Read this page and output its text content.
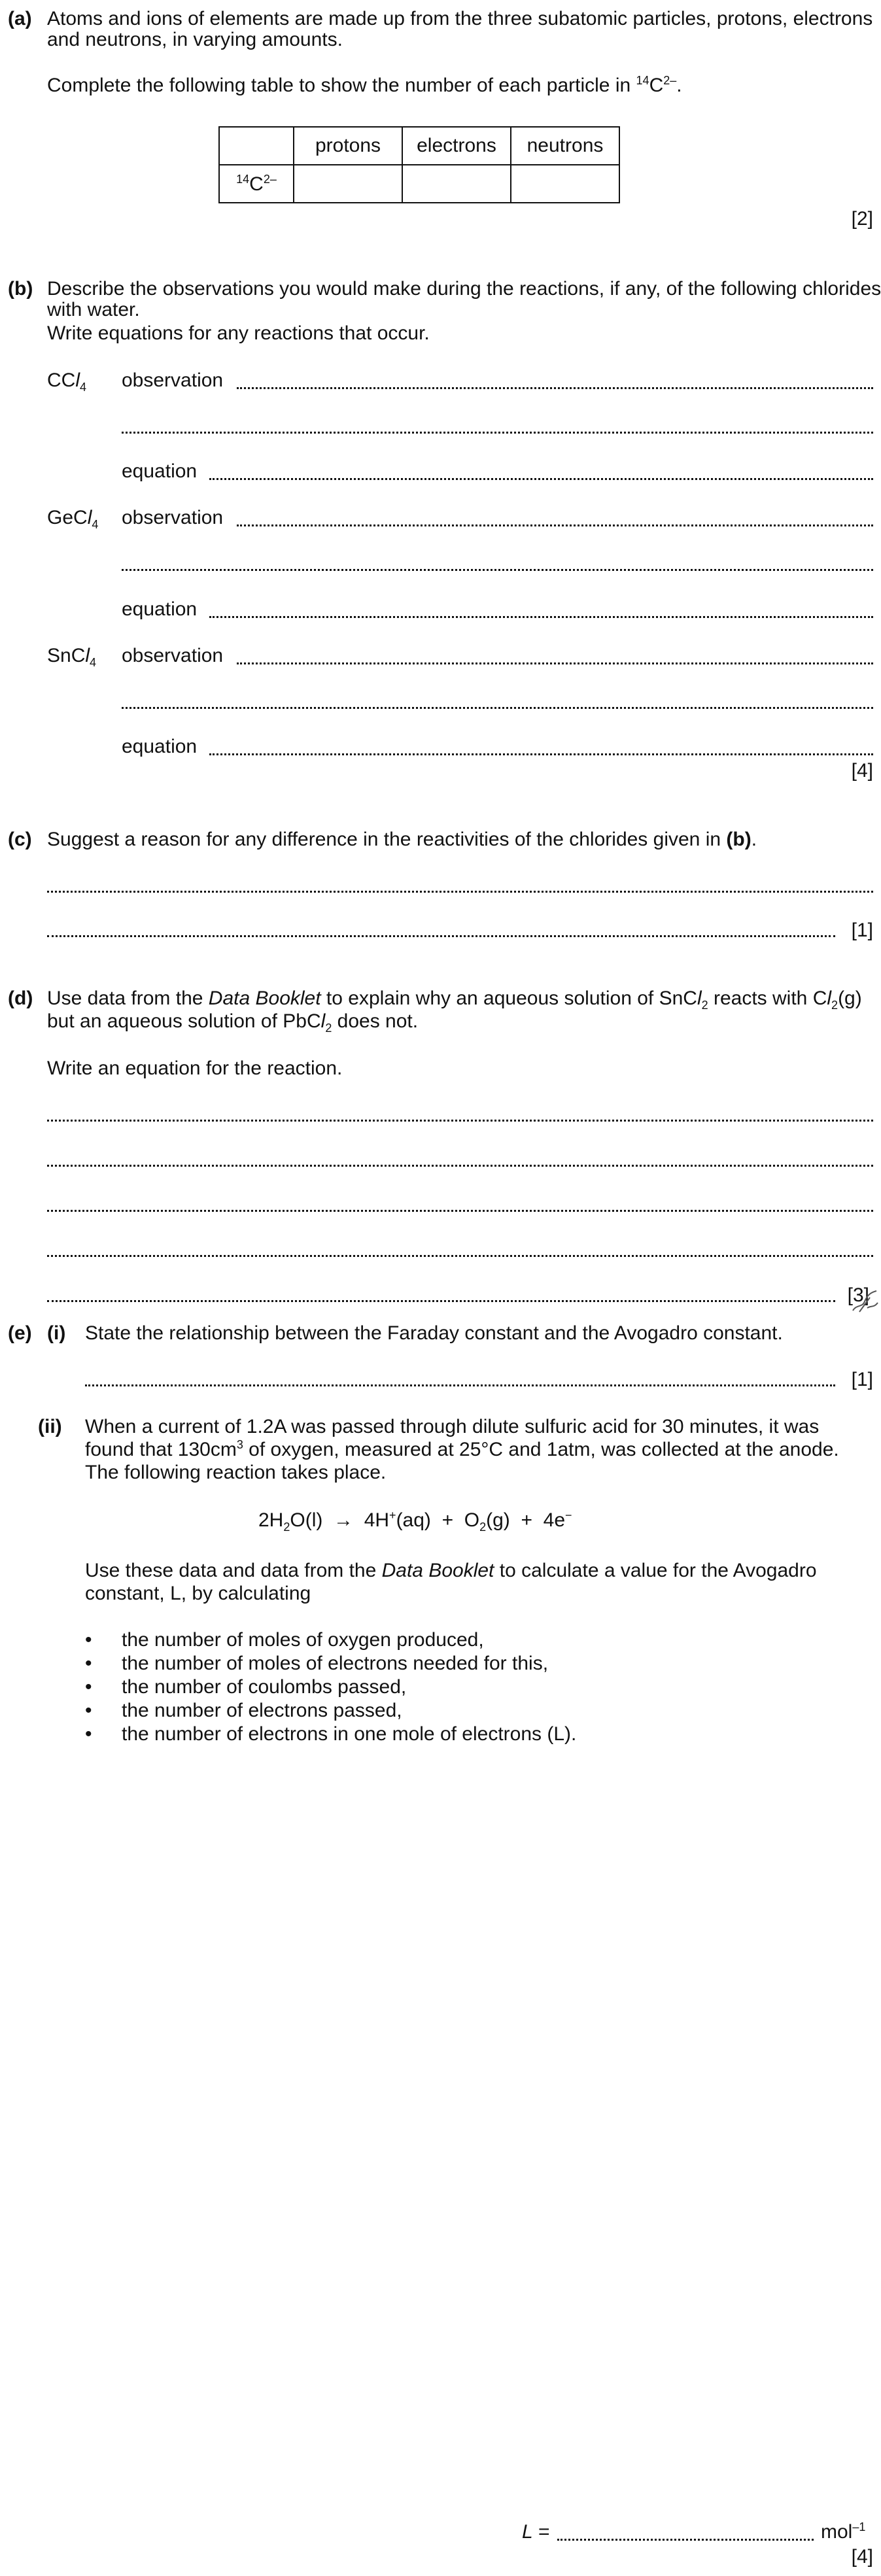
(a) Atoms and ions of elements are made up from the three subatomic particles, protons, electrons
and neutrons, in varying amounts.
Complete the following table to show the number of each particle in $^{14}C^{2-}$.
	protons	electrons	neutrons
$^{14}C^{2-}$			
[2]
(b) Describe the observations you would make during the reactions, if any, of the following chlorides
with water.
Write equations for any reactions that occur.
CCl$_4$ observation
equation
GeCl$_4$ observation
equation
SnCl$_4$ observation
equation
[4]
(c) Suggest a reason for any difference in the reactivities of the chlorides given in (b).
[1]
(d) Use data from the Data Booklet to explain why an aqueous solution of SnCl$_2$ reacts with $Cl_2(g)$
but an aqueous solution of PbCl$_2$ does not.
Write an equation for the reaction.
[3]
(e) (i) State the relationship between the Faraday constant and the Avogadro constant.
[1]
(ii) When a current of 1.2A was passed through dilute sulfuric acid for 30 minutes, it was
found that $130cm^3$ of oxygen, measured at 25°C and 1atm, was collected at the anode.
The following reaction takes place.
$2H_2O(l) \to 4H^+(aq) + O_2(g) + 4e^-$
Use these data and data from the Data Booklet to calculate a value for the Avogadro
constant, L, by calculating
• the number of moles of oxygen produced,
• the number of moles of electrons needed for this,
• the number of coulombs passed,
• the number of electrons passed,
• the number of electrons in one mole of electrons (L).
L =	mol$^{-1}$
[4]
